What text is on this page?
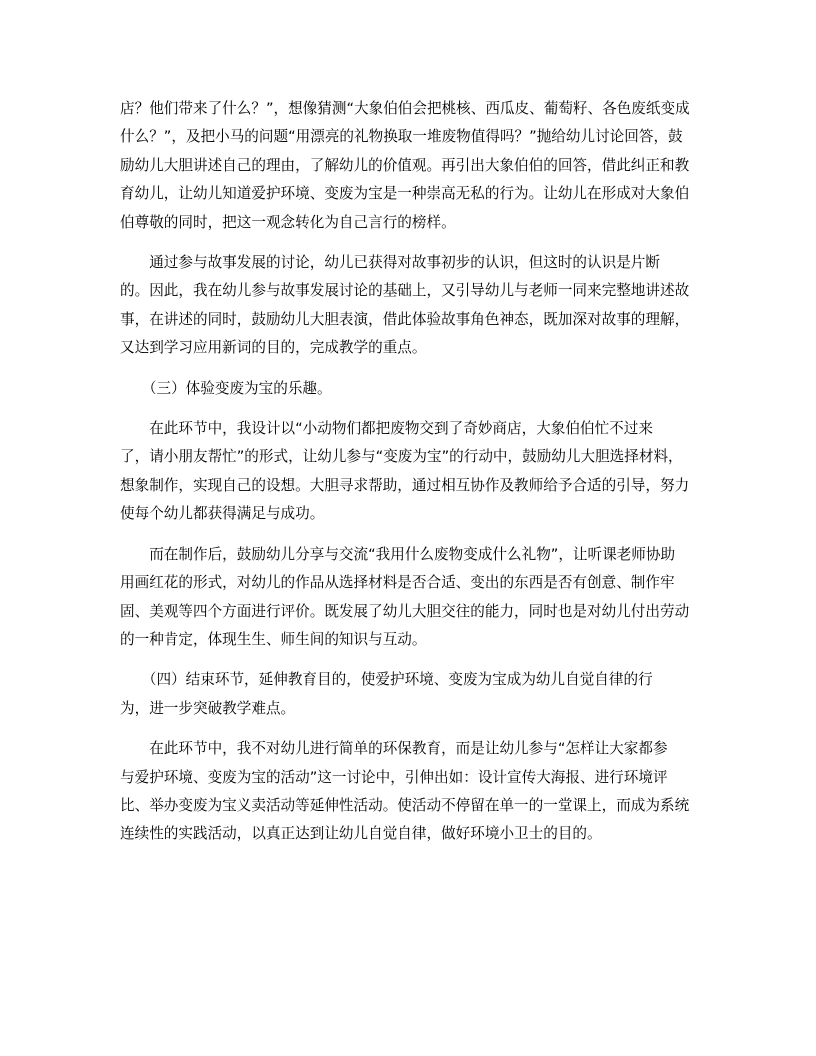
店？他们带来了什么？”，想像猜测“大象伯伯会把桃核、西瓜皮、葡萄籽、各色废纸变成
什么？”，及把小马的问题“用漂亮的礼物换取一堆废物值得吗？”抛给幼儿讨论回答，鼓
励幼儿大胆讲述自己的理由，了解幼儿的价值观。再引出大象伯伯的回答，借此纠正和教
育幼儿，让幼儿知道爱护环境、变废为宝是一种崇高无私的行为。让幼儿在形成对大象伯
伯尊敬的同时，把这一观念转化为自己言行的榜样。

　　通过参与故事发展的讨论，幼儿已获得对故事初步的认识，但这时的认识是片断
的。因此，我在幼儿参与故事发展讨论的基础上，又引导幼儿与老师一同来完整地讲述故
事，在讲述的同时，鼓励幼儿大胆表演，借此体验故事角色神态，既加深对故事的理解，
又达到学习应用新词的目的，完成教学的重点。

　　（三）体验变废为宝的乐趣。

　　在此环节中，我设计以“小动物们都把废物交到了奇妙商店，大象伯伯忙不过来
了，请小朋友帮忙”的形式，让幼儿参与“变废为宝”的行动中，鼓励幼儿大胆选择材料，
想象制作，实现自己的设想。大胆寻求帮助，通过相互协作及教师给予合适的引导，努力
使每个幼儿都获得满足与成功。

　　而在制作后，鼓励幼儿分享与交流“我用什么废物变成什么礼物”，让听课老师协助
用画红花的形式，对幼儿的作品从选择材料是否合适、变出的东西是否有创意、制作牢
固、美观等四个方面进行评价。既发展了幼儿大胆交往的能力，同时也是对幼儿付出劳动
的一种肯定，体现生生、师生间的知识与互动。

　　（四）结束环节，延伸教育目的，使爱护环境、变废为宝成为幼儿自觉自律的行
为，进一步突破教学难点。

　　在此环节中，我不对幼儿进行简单的环保教育，而是让幼儿参与“怎样让大家都参
与爱护环境、变废为宝的活动”这一讨论中，引伸出如：设计宣传大海报、进行环境评
比、举办变废为宝义卖活动等延伸性活动。使活动不停留在单一的一堂课上，而成为系统
连续性的实践活动，以真正达到让幼儿自觉自律，做好环境小卫士的目的。
